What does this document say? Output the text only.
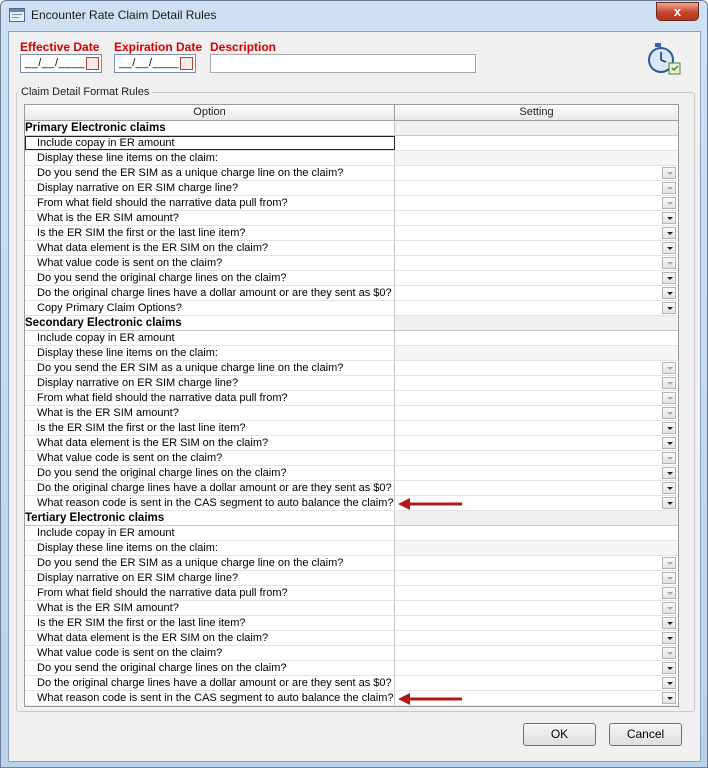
Encounter Rate Claim Detail Rules	x
Effective Date Expiration Date Description
__/__/____	__/__/____
Claim Detail Format Rules
Option	Setting
Primary Electronic claims
Include copay in ER amount
Display these line items on the claim:
Do you send the ER SIM as a unique charge line on the claim?
Display narrative on ER SIM charge line?
From what field should the narrative data pull from?
What is the ER SIM amount?
Is the ER SIM the first or the last line item?
What data element is the ER SIM on the claim?
What value code is sent on the claim?
Do you send the original charge lines on the claim?
Do the original charge lines have a dollar amount or are they sent as $0?
Copy Primary Claim Options?
Secondary Electronic claims
Include copay in ER amount
Display these line items on the claim:
Do you send the ER SIM as a unique charge line on the claim?
Display narrative on ER SIM charge line?
From what field should the narrative data pull from?
What is the ER SIM amount?
Is the ER SIM the first or the last line item?
What data element is the ER SIM on the claim?
What value code is sent on the claim?
Do you send the original charge lines on the claim?
Do the original charge lines have a dollar amount or are they sent as $0?
What reason code is sent in the CAS segment to auto balance the claim?
Tertiary Electronic claims
Include copay in ER amount
Display these line items on the claim:
Do you send the ER SIM as a unique charge line on the claim?
Display narrative on ER SIM charge line?
From what field should the narrative data pull from?
What is the ER SIM amount?
Is the ER SIM the first or the last line item?
What data element is the ER SIM on the claim?
What value code is sent on the claim?
Do you send the original charge lines on the claim?
Do the original charge lines have a dollar amount or are they sent as $0?
What reason code is sent in the CAS segment to auto balance the claim?
OK	Cancel
